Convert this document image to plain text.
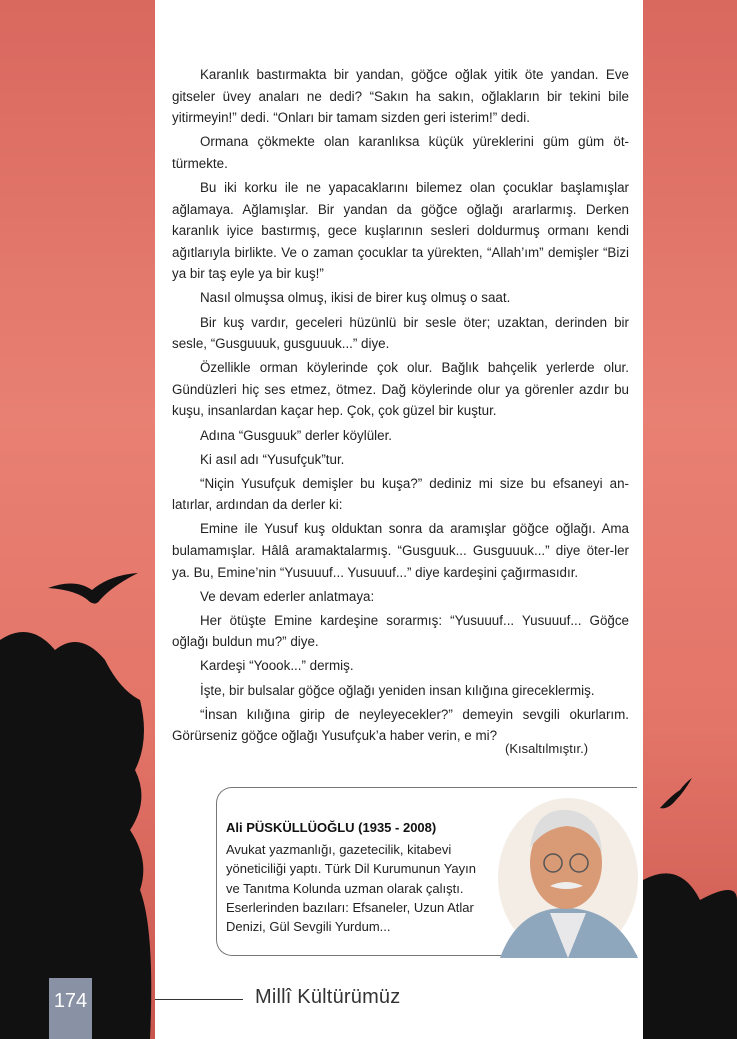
Karanlık bastırmakta bir yandan, göğce oğlak yitik öte yandan. Eve gitseler üvey anaları ne dedi? “Sakın ha sakın, oğlakların bir tekini bile yitirmeyin!” dedi. “Onları bir tamam sizden geri isterim!” dedi.

Ormana çökmekte olan karanlıksa küçük yüreklerini güm güm öt-türmekte.

Bu iki korku ile ne yapacaklarını bilemez olan çocuklar başlamışlar ağlamaya. Ağlamışlar. Bir yandan da göğce oğlağı ararlarmış. Derken karanlık iyice bastırmış, gece kuşlarının sesleri doldurmuş ormanı kendi ağıtlarıyla birlikte. Ve o zaman çocuklar ta yürekten, “Allah’ım” demişler “Bizi ya bir taş eyle ya bir kuş!”

Nasıl olmuşsa olmuş, ikisi de birer kuş olmuş o saat.

Bir kuş vardır, geceleri hüzünlü bir sesle öter; uzaktan, derinden bir sesle, “Gusguuuk, gusguuuk...” diye.

Özellikle orman köylerinde çok olur. Bağlık bahçelik yerlerde olur. Gündüzleri hiç ses etmez, ötmez. Dağ köylerinde olur ya görenler azdır bu kuşu, insanlardan kaçar hep. Çok, çok güzel bir kuştur.

Adına “Gusguuk” derler köylüler.

Ki asıl adı “Yusufçuk”tur.

“Niçin Yusufçuk demişler bu kuşa?” dediniz mi size bu efsaneyi an-latırlar, ardından da derler ki:

Emine ile Yusuf kuş olduktan sonra da aramışlar göğce oğlağı. Ama bulamamışlar. Hâlâ aramaktalarmış. “Gusguuk... Gusguuuk...” diye öter-ler ya. Bu, Emine’nin “Yusuuuf... Yusuuuf...” diye kardeşini çağırmasıdır.

Ve devam ederler anlatmaya:

Her ötüşte Emine kardeşine sorarmış: “Yusuuuf... Yusuuuf... Göğce oğlağı buldun mu?” diye.

Kardeşi “Yoook...” dermiş.

İşte, bir bulsalar göğce oğlağı yeniden insan kılığına gireceklermiş.

“İnsan kılığına girip de neyleyecekler?” demeyin sevgili okurlarım. Görürseniz göğce oğlağı Yusufçuk’a haber verin, e mi?

(Kısaltılmıştır.)
Ali PÜSKÜLLÜOĞLU (1935 - 2008)
Avukat yazmanlığı, gazetecilik, kitabevi yöneticiliği yaptı. Türk Dil Kurumunun Yayın ve Tanıtma Kolunda uzman olarak çalıştı. Eserlerinden bazıları: Efsaneler, Uzun Atlar Denizi, Gül Sevgili Yurdum...
174	Millî Kültürümüz
